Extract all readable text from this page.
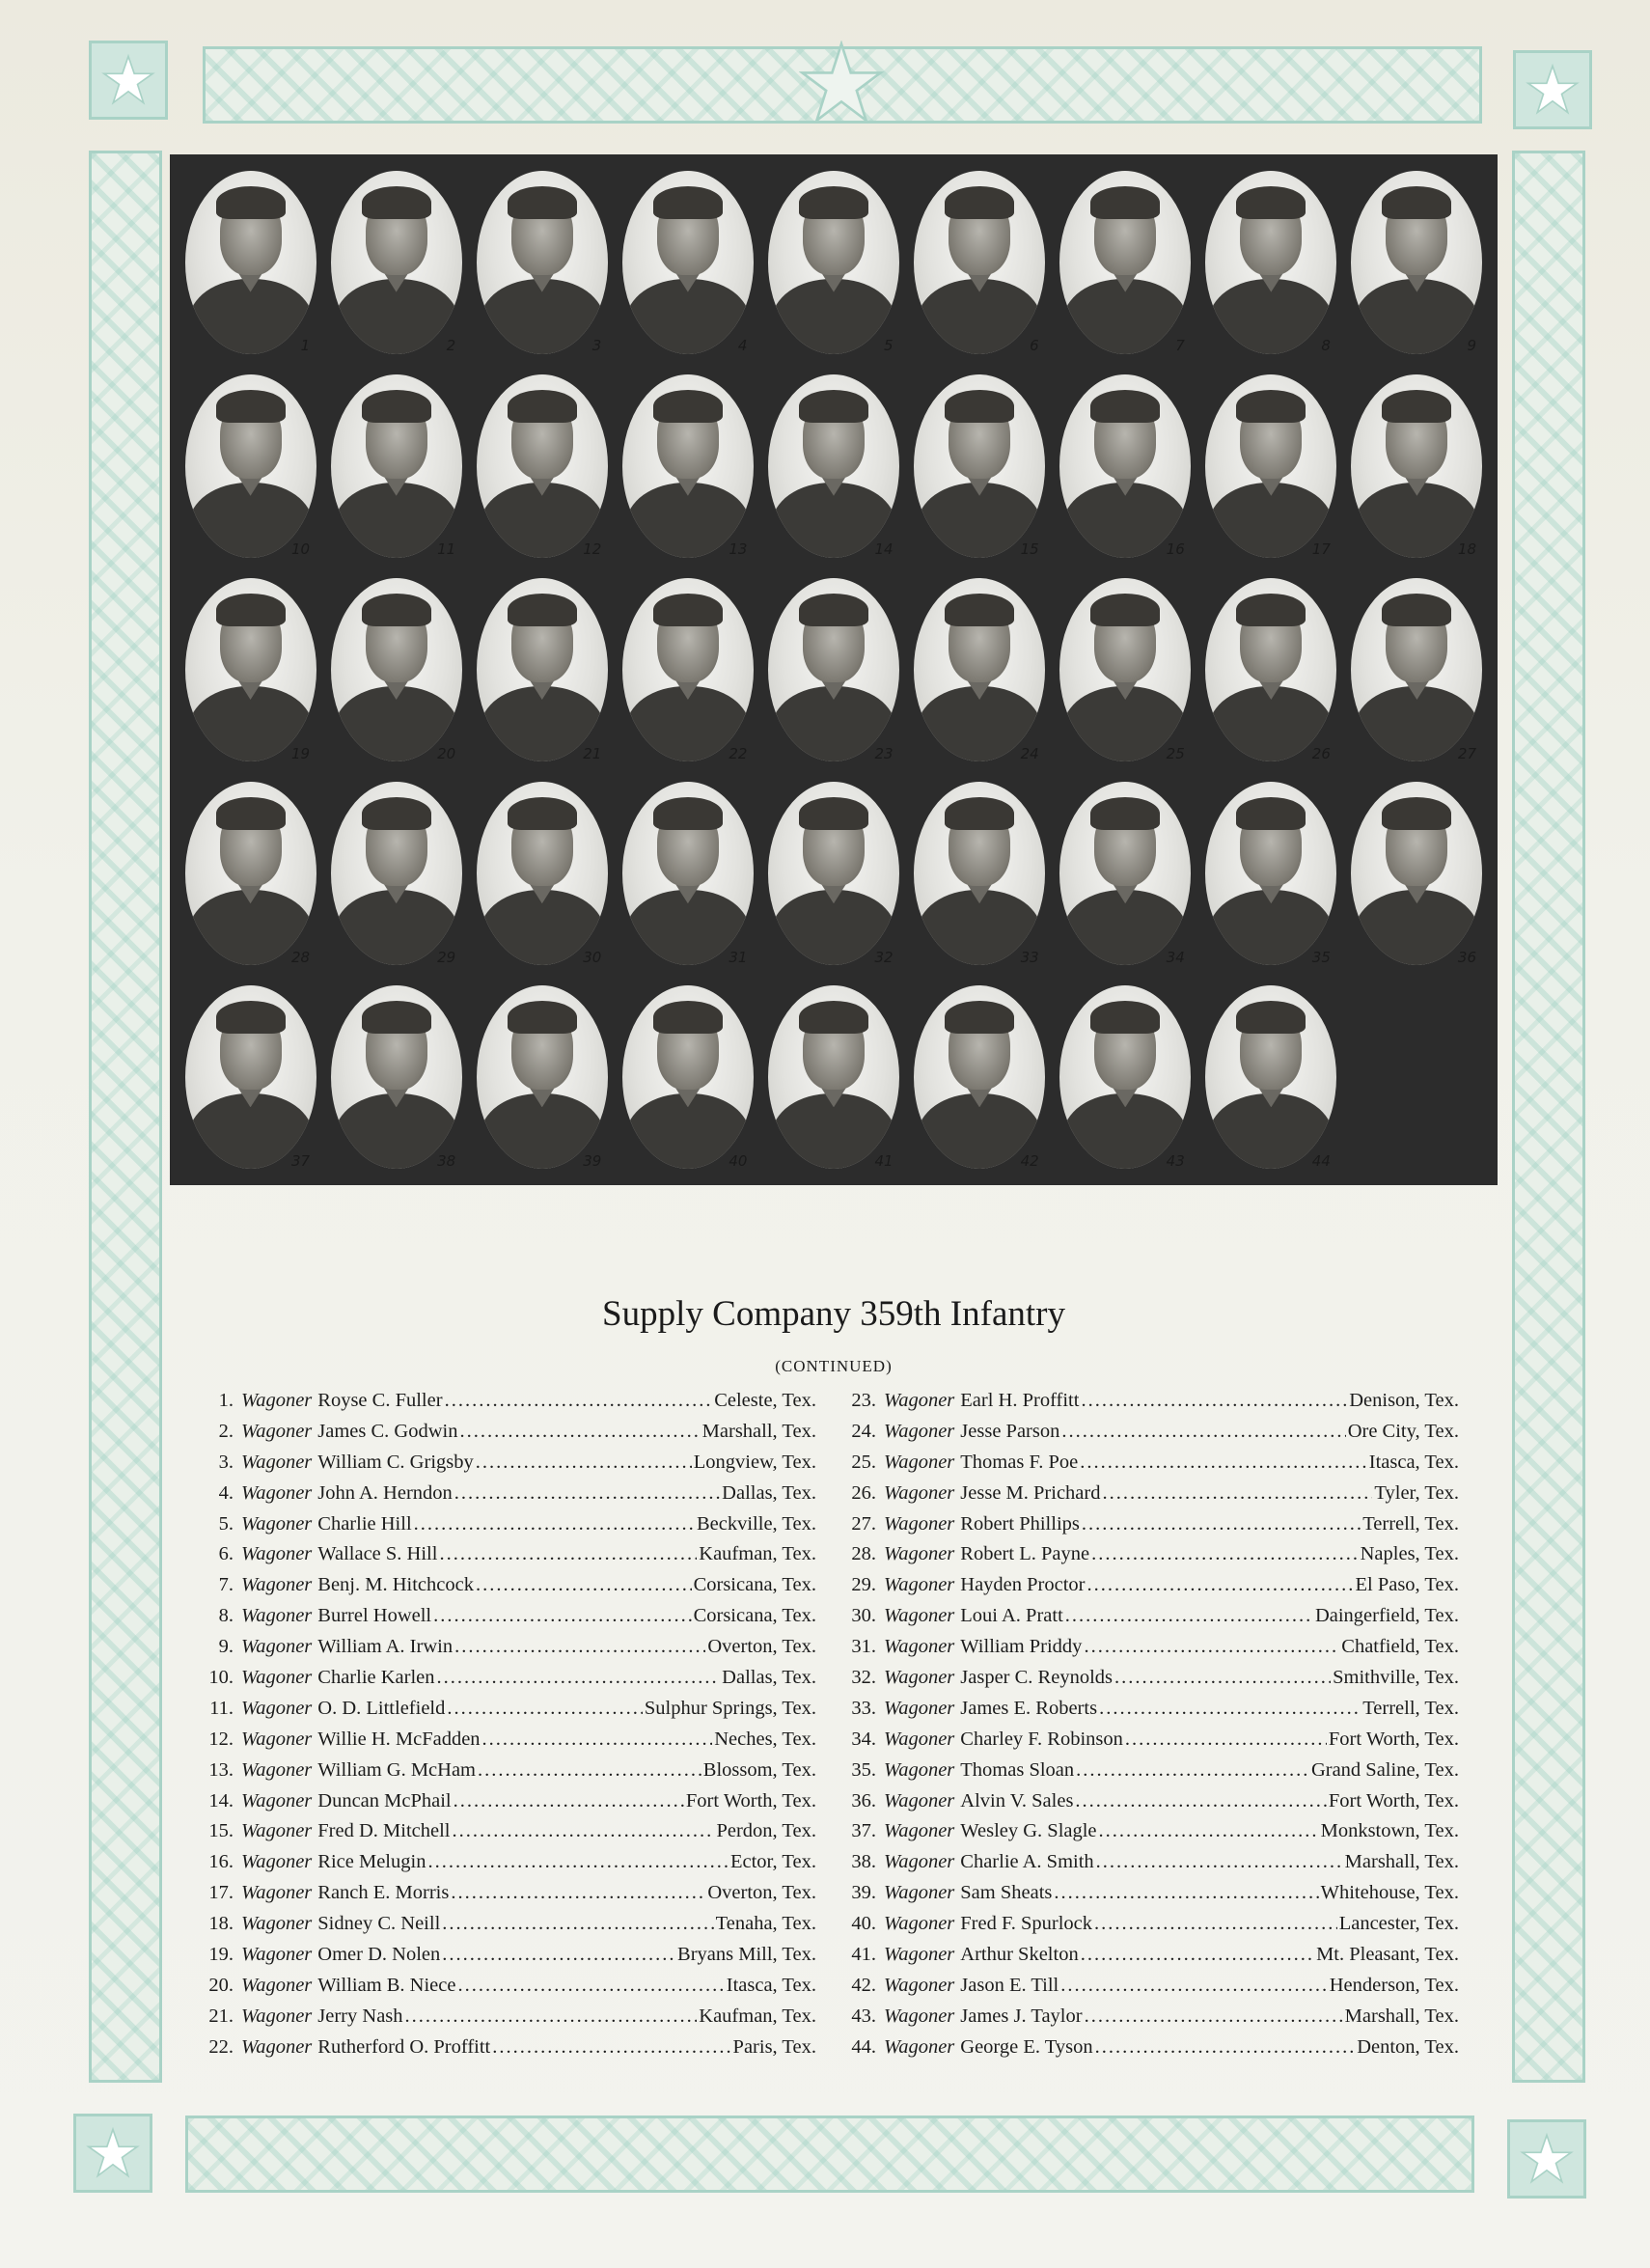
1	2	3	4	5	6	7	8	9
10	11	12	13	14	15	16	17	18
19	20	21	22	23	24	25	26	27
28	29	30	31	32	33	34	35	36
37	38	39	40	41	42	43	44
Supply Company 359th Infantry
(CONTINUED)
1. Wagoner Royse C. Fuller .....	Celeste, Tex.
2. Wagoner James C. Godwin .....	Marshall, Tex.
3. Wagoner William C. Grigsby .....	Longview, Tex.
4. Wagoner John A. Herndon .....	Dallas, Tex.
5. Wagoner Charlie Hill .....	Beckville, Tex.
6. Wagoner Wallace S. Hill .....	Kaufman, Tex.
7. Wagoner Benj. M. Hitchcock .....	Corsicana, Tex.
8. Wagoner Burrel Howell .....	Corsicana, Tex.
9. Wagoner William A. Irwin .....	Overton, Tex.
10. Wagoner Charlie Karlen .....	Dallas, Tex.
11. Wagoner O. D. Littlefield .....	Sulphur Springs, Tex.
12. Wagoner Willie H. McFadden .....	Neches, Tex.
13. Wagoner William G. McHam .....	Blossom, Tex.
14. Wagoner Duncan McPhail .....	Fort Worth, Tex.
15. Wagoner Fred D. Mitchell .....	Perdon, Tex.
16. Wagoner Rice Melugin .....	Ector, Tex.
17. Wagoner Ranch E. Morris .....	Overton, Tex.
18. Wagoner Sidney C. Neill .....	Tenaha, Tex.
19. Wagoner Omer D. Nolen .....	Bryans Mill, Tex.
20. Wagoner William B. Niece .....	Itasca, Tex.
21. Wagoner Jerry Nash .....	Kaufman, Tex.
22. Wagoner Rutherford O. Proffitt .....	Paris, Tex.
23. Wagoner Earl H. Proffitt .....	Denison, Tex.
24. Wagoner Jesse Parson .....	Ore City, Tex.
25. Wagoner Thomas F. Poe .....	Itasca, Tex.
26. Wagoner Jesse M. Prichard .....	Tyler, Tex.
27. Wagoner Robert Phillips .....	Terrell, Tex.
28. Wagoner Robert L. Payne .....	Naples, Tex.
29. Wagoner Hayden Proctor .....	El Paso, Tex.
30. Wagoner Loui A. Pratt .....	Daingerfield, Tex.
31. Wagoner William Priddy .....	Chatfield, Tex.
32. Wagoner Jasper C. Reynolds .....	Smithville, Tex.
33. Wagoner James E. Roberts .....	Terrell, Tex.
34. Wagoner Charley F. Robinson .....	Fort Worth, Tex.
35. Wagoner Thomas Sloan .....	Grand Saline, Tex.
36. Wagoner Alvin V. Sales .....	Fort Worth, Tex.
37. Wagoner Wesley G. Slagle .....	Monkstown, Tex.
38. Wagoner Charlie A. Smith .....	Marshall, Tex.
39. Wagoner Sam Sheats .....	Whitehouse, Tex.
40. Wagoner Fred F. Spurlock .....	Lancester, Tex.
41. Wagoner Arthur Skelton .....	Mt. Pleasant, Tex.
42. Wagoner Jason E. Till .....	Henderson, Tex.
43. Wagoner James J. Taylor .....	Marshall, Tex.
44. Wagoner George E. Tyson .....	Denton, Tex.
